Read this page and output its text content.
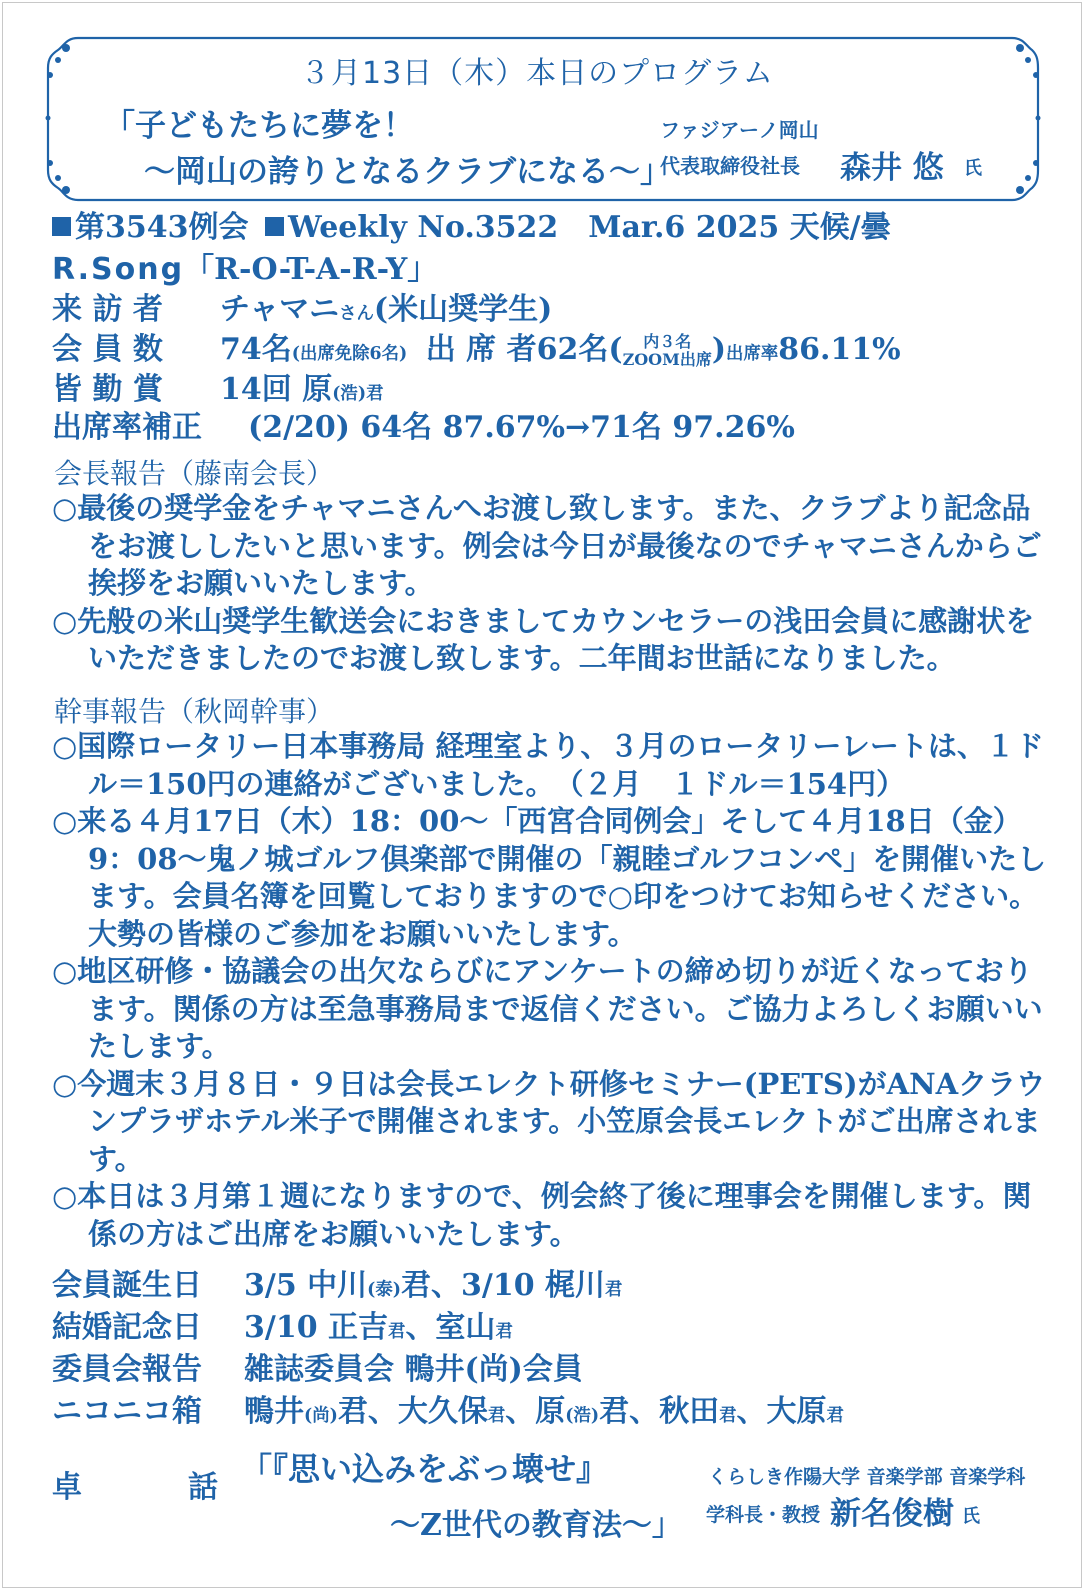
３月13日（木）本日のプログラム
「子どもたちに夢を！
〜岡山の誇りとなるクラブになる〜」
ファジアーノ岡山
代表取締役社長 森井 悠 氏
第3543例会 Weekly No.3522　Mar.6 2025 天候/曇
R.Song「R-O-T-A-R-Y」
来 訪 者 チャマニさん(米山奨学生)
会 員 数 74名(出席免除6名) 出 席 者62名(	内３名
ZOOM出席 )出席率86.11%
皆 勤 賞 14回 原(浩)君
出席率補正 (2/20) 64名 87.67%→71名 97.26%
会長報告（藤南会長）

○最後の奨学金をチャマニさんへお渡し致します。また、クラブより記念品をお渡ししたいと思います。例会は今日が最後なのでチャマニさんからご挨拶をお願いいたします。

○先般の米山奨学生歓送会におきましてカウンセラーの浅田会員に感謝状をいただきましたのでお渡し致します。二年間お世話になりました。

幹事報告（秋岡幹事）

○国際ロータリー日本事務局 経理室より、３月のロータリーレートは、１ドル＝150円の連絡がございました。　（２月　１ドル＝154円）

○来る４月17日（木）18：00〜「西宮合同例会」そして４月18日（金）9：08〜鬼ノ城ゴルフ倶楽部で開催の「親睦ゴルフコンペ」を開催いたします。会員名簿を回覧しておりますので○印をつけてお知らせください。大勢の皆様のご参加をお願いいたします。

○地区研修・協議会の出欠ならびにアンケートの締め切りが近くなっております。関係の方は至急事務局まで返信ください。ご協力よろしくお願いいたします。

○今週末３月８日・９日は会長エレクト研修セミナー(PETS)がANAクラウンプラザホテル米子で開催されます。小笠原会長エレクトがご出席されます。

○本日は３月第１週になりますので、例会終了後に理事会を開催します。関係の方はご出席をお願いいたします。

会員誕生日 3/5 中川(泰)君、3/10 梶川君
結婚記念日 3/10 正吉君、室山君
委員会報告 雑誌委員会 鴨井(尚)会員
ニコニコ箱 鴨井(尚)君、大久保君、原(浩)君、秋田君、大原君
卓	話 「『思い込みをぶっ壊せ』
〜Z世代の教育法〜」
くらしき作陽大学 音楽学部 音楽学科
学科長・教授 新名俊樹 氏
